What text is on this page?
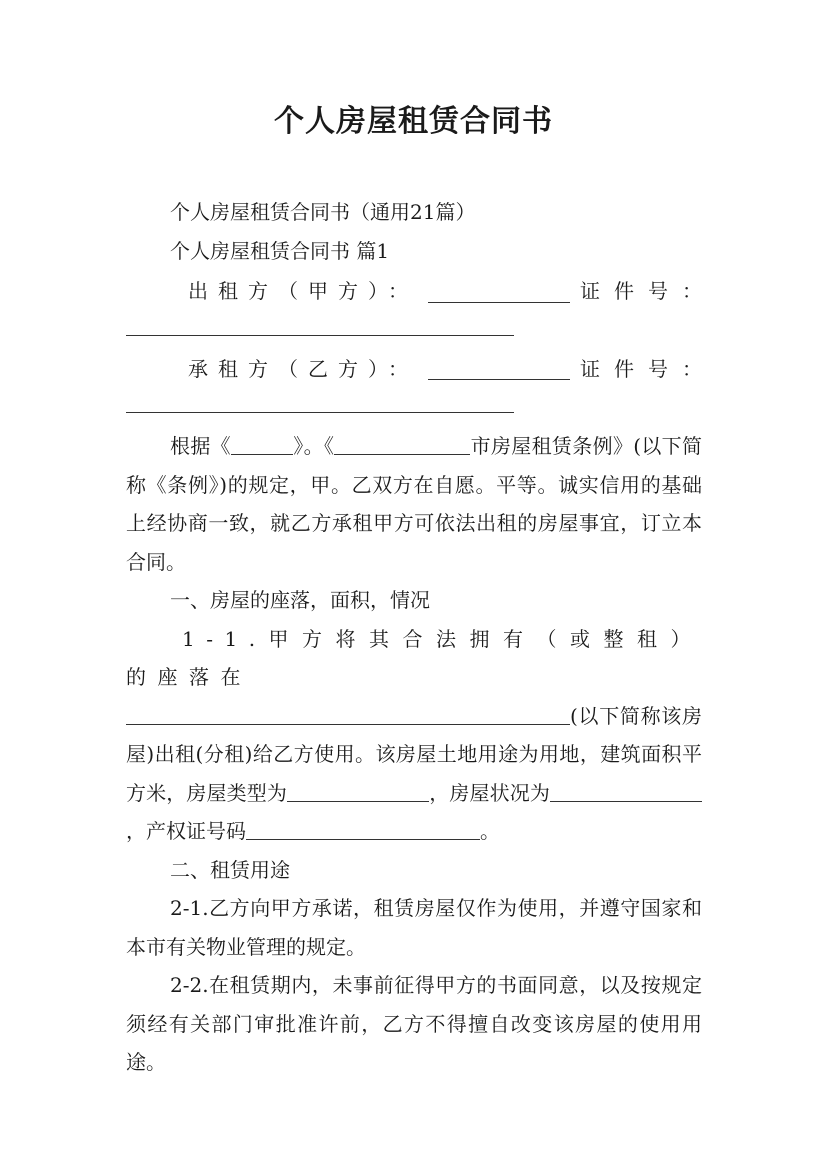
个人房屋租赁合同书

个人房屋租赁合同书（通用21篇）

个人房屋租赁合同书 篇1

出租方（甲方）：	证件号：
承租方（乙方）：	证件号：

根据《	》。《	市房屋租赁条例》(以下简称《条例》)的规定，甲。乙双方在自愿。平等。诚实信用的基础上经协商一致，就乙方承租甲方可依法出租的房屋事宜，订立本合同。

一、房屋的座落，面积，情况

1-1.甲方将其合法拥有（或整租）的座落在
(以下简称该房屋)出租(分租)给乙方使用。该房屋土地用途为用地，建筑面积平方米，房屋类型为	，房屋状况为，产权证号码	。

二、租赁用途

2-1.乙方向甲方承诺，租赁房屋仅作为使用，并遵守国家和本市有关物业管理的规定。

2-2.在租赁期内，未事前征得甲方的书面同意，以及按规定须经有关部门审批准许前，乙方不得擅自改变该房屋的使用用途。
